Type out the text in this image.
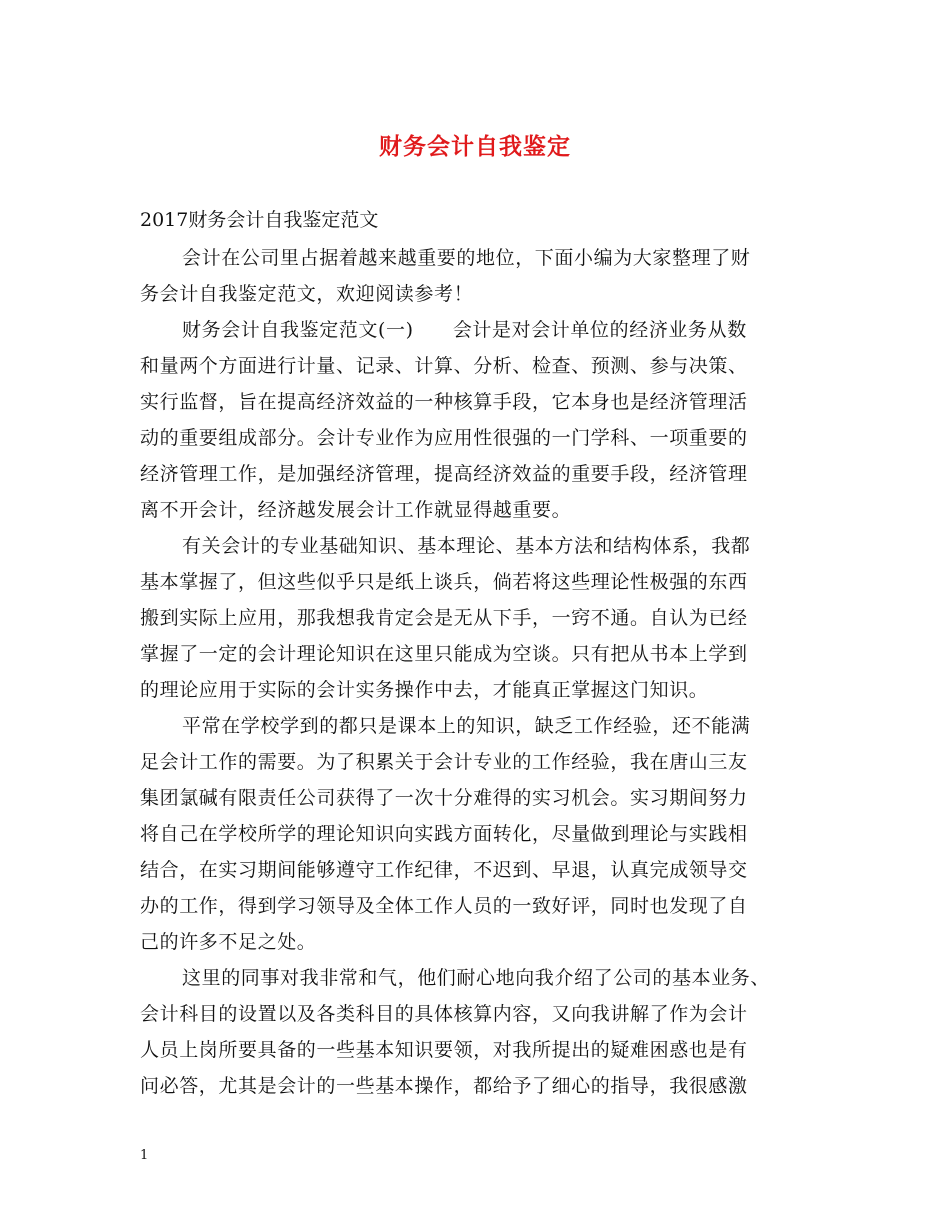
财务会计自我鉴定
2017财务会计自我鉴定范文
会计在公司里占据着越来越重要的地位，下面小编为大家整理了财
务会计自我鉴定范文，欢迎阅读参考！
财务会计自我鉴定范文(一)　　会计是对会计单位的经济业务从数
和量两个方面进行计量、记录、计算、分析、检查、预测、参与决策、
实行监督，旨在提高经济效益的一种核算手段，它本身也是经济管理活
动的重要组成部分。会计专业作为应用性很强的一门学科、一项重要的
经济管理工作，是加强经济管理，提高经济效益的重要手段，经济管理
离不开会计，经济越发展会计工作就显得越重要。
有关会计的专业基础知识、基本理论、基本方法和结构体系，我都
基本掌握了，但这些似乎只是纸上谈兵，倘若将这些理论性极强的东西
搬到实际上应用，那我想我肯定会是无从下手，一窍不通。自认为已经
掌握了一定的会计理论知识在这里只能成为空谈。只有把从书本上学到
的理论应用于实际的会计实务操作中去，才能真正掌握这门知识。
平常在学校学到的都只是课本上的知识，缺乏工作经验，还不能满
足会计工作的需要。为了积累关于会计专业的工作经验，我在唐山三友
集团氯碱有限责任公司获得了一次十分难得的实习机会。实习期间努力
将自己在学校所学的理论知识向实践方面转化，尽量做到理论与实践相
结合，在实习期间能够遵守工作纪律，不迟到、早退，认真完成领导交
办的工作，得到学习领导及全体工作人员的一致好评，同时也发现了自
己的许多不足之处。
这里的同事对我非常和气，他们耐心地向我介绍了公司的基本业务、
会计科目的设置以及各类科目的具体核算内容，又向我讲解了作为会计
人员上岗所要具备的一些基本知识要领，对我所提出的疑难困惑也是有
问必答，尤其是会计的一些基本操作，都给予了细心的指导，我很感激
1
